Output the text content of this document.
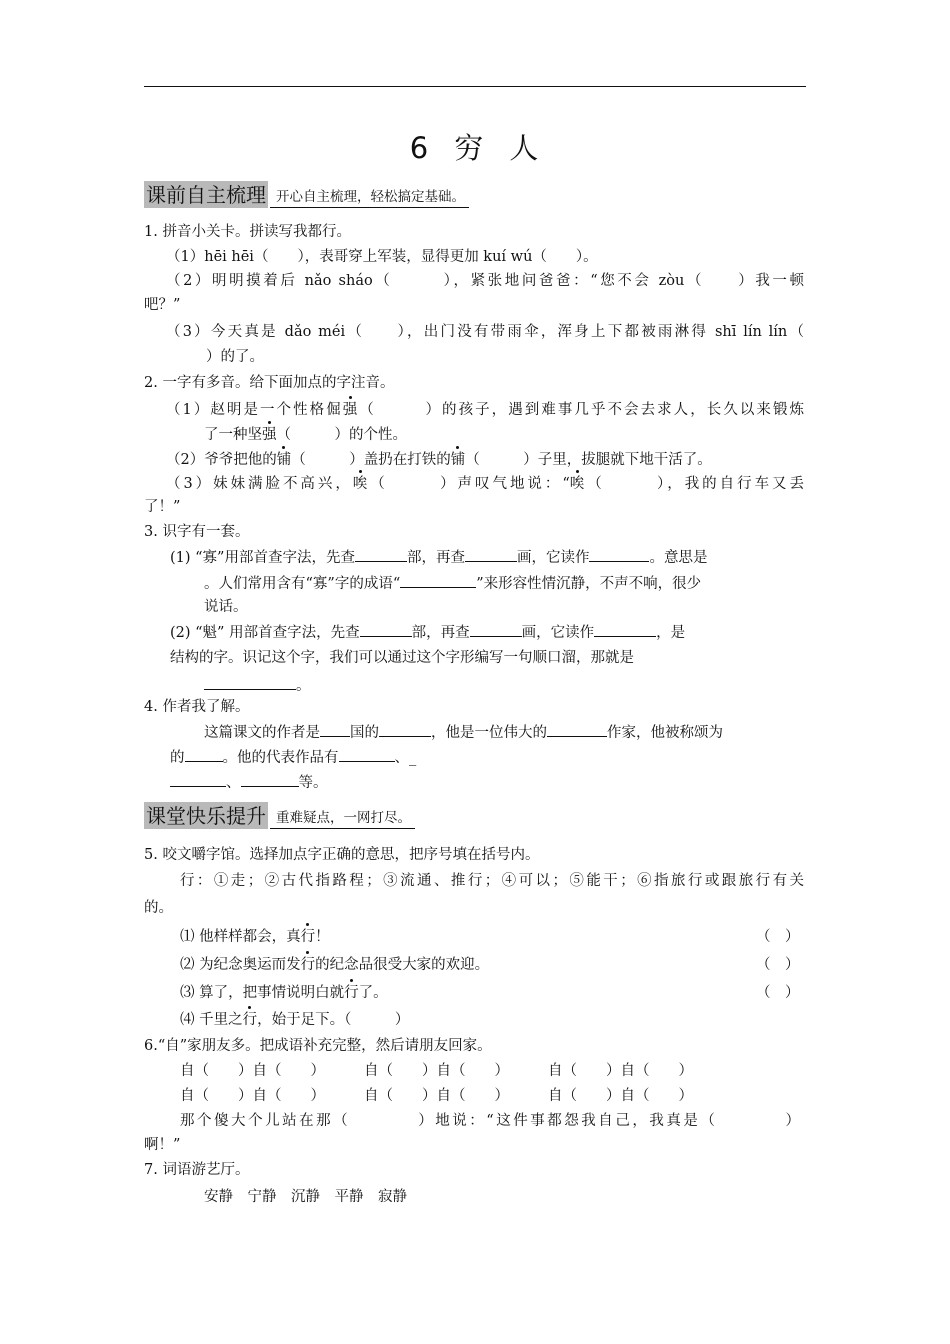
6 穷 人
课前自主梳理 开心自主梳理，轻松搞定基础。
1. 拼音小关卡。拼读写我都行。
（1）hēi hēi（　　），表哥穿上军装，显得更加 kuí wú（　　）。
（2）明明摸着后 nǎo sháo（　　　），紧张地问爸爸：“您不会 zòu（　　）我一顿
吧？”
（3）今天真是 dǎo méi（　　），出门没有带雨伞，浑身上下都被雨淋得 shī lín lín（
）的了。
2. 一字有多音。给下面加点的字注音。
（1）赵明是一个性格倔强（　　　）的孩子，遇到难事几乎不会去求人，长久以来锻炼
了一种坚强（　　　）的个性。
（2）爷爷把他的铺（　　　）盖扔在打铁的铺（　　　）子里，拔腿就下地干活了。
（3）妹妹满脸不高兴，唉（　　　）声叹气地说：“唉（　　　），我的自行车又丢
了！”
3. 识字有一套。
(1) “寡”用部首查字法，先查	部，再查	画，它读作	。意思是
。人们常用含有“寡”字的成语“	”来形容性情沉静，不声不响，很少
说话。
(2) “魁” 用部首查字法，先查	部，再查	画，它读作	，是
结构的字。识记这个字，我们可以通过这个字形编写一句顺口溜，那就是
。
4. 作者我了解。
这篇课文的作者是 国的	，他是一位伟大的	作家，他被称颂为
的	。他的代表作品有	、_
、	等。
课堂快乐提升 重难疑点，一网打尽。
5. 咬文嚼字馆。选择加点字正确的意思，把序号填在括号内。
行：①走；②古代指路程；③流通、推行；④可以；⑤能干；⑥指旅行或跟旅行有关
的。
⑴ 他样样都会，真行！	（　）
⑵ 为纪念奥运而发行的纪念品很受大家的欢迎。	（　）
⑶ 算了，把事情说明白就行了。	（　）
⑷ 千里之行，始于足下。（　　　）
6.“自”家朋友多。把成语补充完整，然后请朋友回家。
自（　　）自（　　）	自（　　）自（　　）	自（　　）自（　　）
自（　　）自（　　）	自（　　）自（　　）	自（　　）自（　　）
那个傻大个儿站在那（　　　　）地说：“这件事都怨我自己，我真是（　　　　）
啊！”
7. 词语游艺厅。
安静　宁静　沉静　平静　寂静
